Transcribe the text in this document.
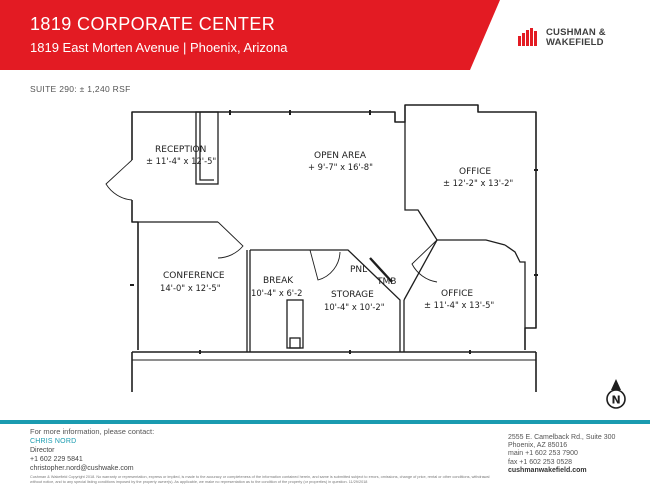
1819 CORPORATE CENTER
1819 East Morten Avenue | Phoenix, Arizona
CUSHMAN &
WAKEFIELD
SUITE 290: ± 1,240 RSF
RECEPTION
± 11'-4" x 12'-5"	OPEN AREA
+ 9'-7" x 16'-8"	OFFICE
± 12'-2" x 13'-2"
CONFERENCE
14'-0" x 12'-5"
BREAK
10'-4" x 6'-2	STORAGE
10'-4" x 10'-2"
OFFICE
± 11'-4" x 13'-5"
PNL
TMB
N
For more information, please contact:
CHRIS NORD
Director
+1 602 229 5841
christopher.nord@cushwake.com
Cushman & Wakefield Copyright 2018. No warranty or representation, express or implied, is made to the accuracy or completeness of the information contained herein, and same is submitted subject to errors, omissions, change of price, rental or other conditions, withdrawal without notice, and to any special listing conditions imposed by the property owner(s). As applicable, we make no representation as to the condition of the property (or properties) in question. 11/29/2018
2555 E. Camelback Rd., Suite 300
Phoenix, AZ 85016
main +1 602 253 7900
fax +1 602 253 0528
cushmanwakefield.com
